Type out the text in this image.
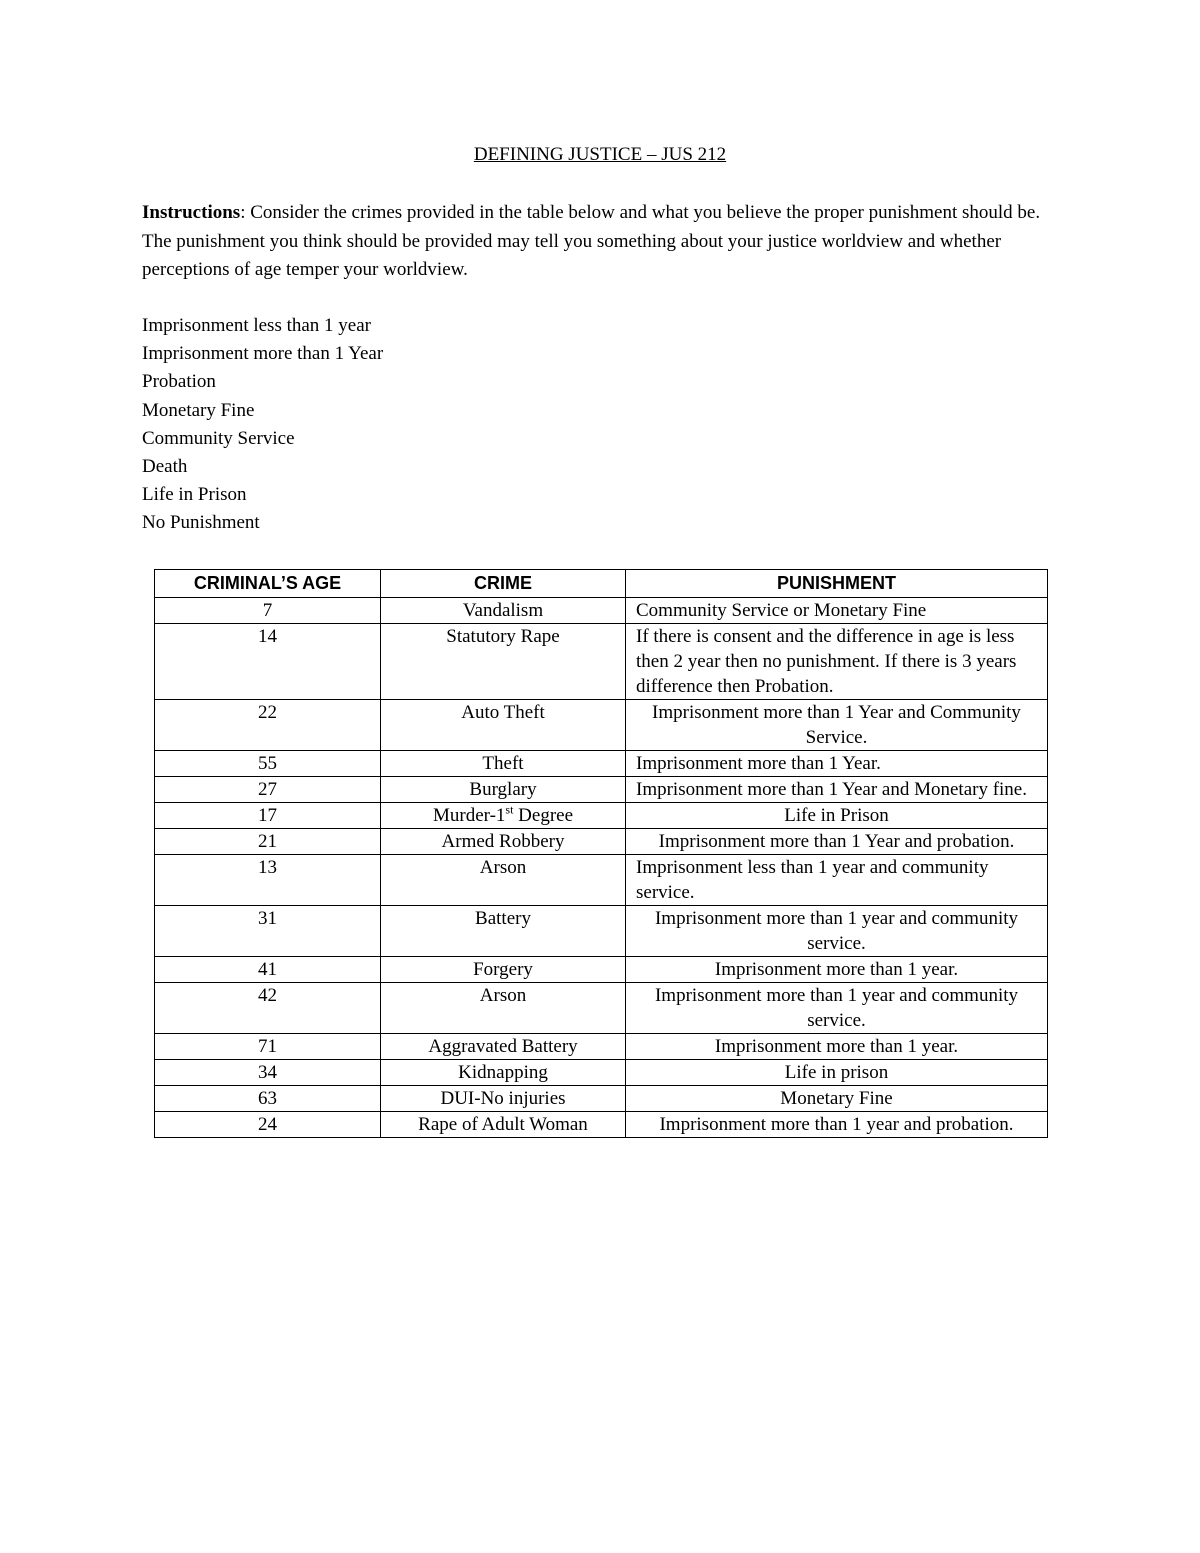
DEFINING JUSTICE – JUS 212

Instructions: Consider the crimes provided in the table below and what you believe the proper punishment should be. The punishment you think should be provided may tell you something about your justice worldview and whether perceptions of age temper your worldview.

Imprisonment less than 1 year
Imprisonment more than 1 Year
Probation
Monetary Fine
Community Service
Death
Life in Prison
No Punishment
CRIMINAL’S AGE	CRIME	PUNISHMENT
7	Vandalism	Community Service or Monetary Fine
14	Statutory Rape	If there is consent and the difference in age is less then 2 year then no punishment. If there is 3 years difference then Probation.
22	Auto Theft	Imprisonment more than 1 Year and Community Service.
55	Theft	Imprisonment more than 1 Year.
27	Burglary	Imprisonment more than 1 Year and Monetary fine.
17	Murder-1st Degree	Life in Prison
21	Armed Robbery	Imprisonment more than 1 Year and probation.
13	Arson	Imprisonment less than 1 year and community service.
31	Battery	Imprisonment more than 1 year and community service.
41	Forgery	Imprisonment more than 1 year.
42	Arson	Imprisonment more than 1 year and community service.
71	Aggravated Battery	Imprisonment more than 1 year.
34	Kidnapping	Life in prison
63	DUI-No injuries	Monetary Fine
24	Rape of Adult Woman	Imprisonment more than 1 year and probation.
